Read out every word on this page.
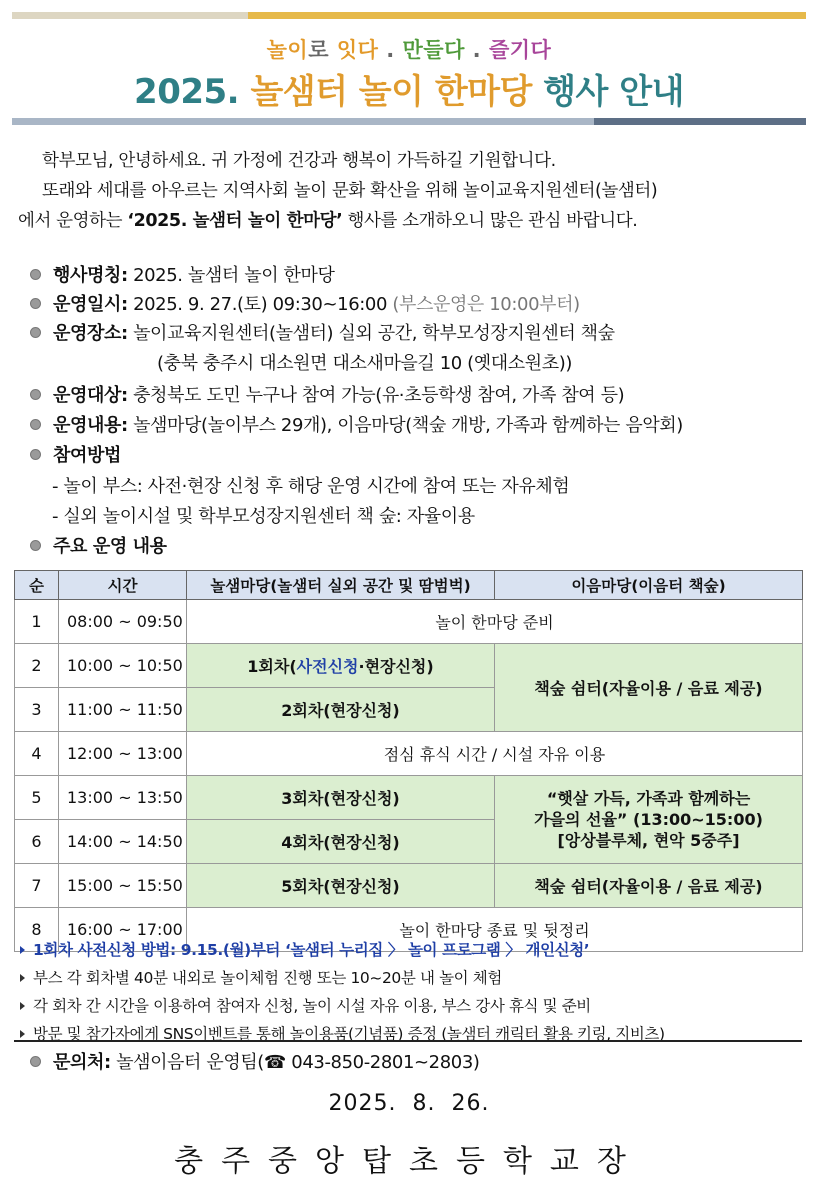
놀이로 잇다 . 만들다 . 즐기다
2025. 놀샘터 놀이 한마당 행사 안내

학부모님, 안녕하세요. 귀 가정에 건강과 행복이 가득하길 기원합니다.

또래와 세대를 아우르는 지역사회 놀이 문화 확산을 위해 놀이교육지원센터(놀샘터)

에서 운영하는 ‘2025. 놀샘터 놀이 한마당’ 행사를 소개하오니 많은 관심 바랍니다.

행사명칭: 2025. 놀샘터 놀이 한마당
운영일시: 2025. 9. 27.(토) 09:30~16:00 (부스운영은 10:00부터)
운영장소: 놀이교육지원센터(놀샘터) 실외 공간, 학부모성장지원센터 책숲
(충북 충주시 대소원면 대소새마을길 10 (옛대소원초))
운영대상: 충청북도 도민 누구나 참여 가능(유·초등학생 참여, 가족 참여 등)
운영내용: 놀샘마당(놀이부스 29개), 이음마당(책숲 개방, 가족과 함께하는 음악회)
참여방법
- 놀이 부스: 사전·현장 신청 후 해당 운영 시간에 참여 또는 자유체험
- 실외 놀이시설 및 학부모성장지원센터 책 숲: 자율이용
주요 운영 내용
순	시간	놀샘마당(놀샘터 실외 공간 및 땀범벅)	이음마당(이음터 책숲)
1	08:00 ~ 09:50	놀이 한마당 준비	
2	10:00 ~ 10:50	1회차(사전신청·현장신청)	책숲 쉼터(자율이용 / 음료 제공)
3	11:00 ~ 11:50	2회차(현장신청)	
4	12:00 ~ 13:00	점심 휴식 시간 / 시설 자유 이용	
5	13:00 ~ 13:50	3회차(현장신청)	“햇살 가득, 가족과 함께하는
가을의 선율” (13:00~15:00)
[앙상블루체, 현악 5중주]

6	14:00 ~ 14:50	4회차(현장신청)	
7	15:00 ~ 15:50	5회차(현장신청)	책숲 쉼터(자율이용 / 음료 제공)
8	16:00 ~ 17:00	놀이 한마당 종료 및 뒷정리	
1회차 사전신청 방법: 9.15.(월)부터 ‘놀샘터 누리집 〉 놀이 프로그램 〉 개인신청’
부스 각 회차별 40분 내외로 놀이체험 진행 또는 10~20분 내 놀이 체험
각 회차 간 시간을 이용하여 참여자 신청, 놀이 시설 자유 이용, 부스 강사 휴식 및 준비
방문 및 참가자에게 SNS이벤트를 통해 놀이용품(기념품) 증정 (놀샘터 캐릭터 활용 키링, 지비츠)
문의처: 놀샘이음터 운영팀(☎ 043-850-2801~2803)
2025. 8. 26.
충주중앙탑초등학교장
